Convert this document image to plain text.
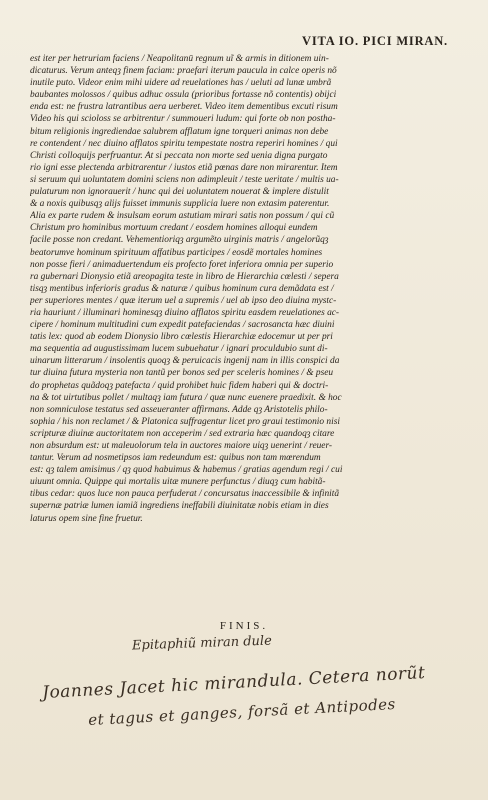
VITA IO. PICI MIRAN.
est iter per hetruriam faciens / Neapolitanū regnum uĩ & armis in ditionem uin-
dicaturus. Verum anteqȝ finem faciam: praefari iterum paucula in calce operis nõ
inutile puto. Videor enim mihi uidere ad reuelationes has / ueluti ad lunæ umbrã
baubantes molossos / quibus adhuc ossula (prioribus fortasse nõ contentis) obijci
enda est: ne frustra latrantibus aera uerberet. Video item dementibus excuti risum
Video his qui scioloss se arbitrentur / summoueri ludum: qui forte ob non postha-
bitum religionis ingrediendae salubrem afflatum igne torqueri animas non debe
re contendent / nec diuino afflatos spiritu tempestate nostra reperiri homines / qui
Christi colloquijs perfruantur. At si peccata non morte sed uenia digna purgato
rio igni esse plectenda arbitrarentur / iustos etiã pœnas dare non mirarentur. Item
si seruum qui uoluntatem domini sciens non adimpleuit / teste ueritate / multis ua-
pulaturum non ignorauerit / hunc qui dei uoluntatem nouerat & implere distulit
& a noxis quibusqȝ alijs fuisset immunis supplicia luere non extasim paterentur.
Alia ex parte rudem & insulsam eorum astutiam mirari satis non possum / qui cũ
Christum pro hominibus mortuum credant / eosdem homines alloqui eundem
facile posse non credant. Vehementioriqȝ argumẽto uirginis matris / angelorũqȝ
beatorumve hominum spirituum affatibus participes / eosdẽ mortales homines
non posse fieri / animaduertendum eis profecto foret inferiora omnia per superio
ra gubernari Dionysio etiã areopagita teste in libro de Hierarchia cœlesti / sepera
tisqȝ mentibus inferioris gradus & naturæ / quibus hominum cura demãdata est /
per superiores mentes / quæ iterum uel a supremis / uel ab ipso deo diuina mystc-
ria hauriunt / illuminari hominesqȝ diuino afflatos spiritu easdem reuelationes ac-
cipere / hominum multitudini cum expedit patefaciendas / sacrosancta hæc diuini
tatis lex: quod ab eodem Dionysio libro cœlestis Hierarchiæ edocemur ut per pri
ma sequentia ad augustissimam lucem subuehatur / ignari proculdubio sunt di-
uinarum litterarum / insolentis quoqȝ & peruicacis ingenij nam in illis conspici da
tur diuina futura mysteria non tantũ per bonos sed per sceleris homines / & pseu
do prophetas quãdoqȝ patefacta / quid prohibet huic fidem haberi qui & doctri-
na & tot uirtutibus pollet / multaqȝ iam futura / quæ nunc euenere praedixit. & hoc
non somniculose testatus sed asseueranter affirmans. Adde qȝ Aristotelis philo-
sophia / his non reclamet / & Platonica suffragentur licet pro graui testimonio nisi
scripturæ diuinæ auctoritatem non acceperim / sed extraria hæc quandoqȝ citare
non absurdum est: ut maleuolorum tela in auctores maiore uiqȝ uenerint / reuer-
tantur. Verum ad nosmetipsos iam redeundum est: quibus non tam mœrendum
est: qȝ talem amisimus / qȝ quod habuimus & habemus / gratias agendum regi / cui
uiuunt omnia. Quippe qui mortalis uitæ munere perfunctus / diuqȝ cum habitã-
tibus cedar: quos luce non pauca perfuderat / concursatus inaccessibile & infinitã
supernæ patriæ lumen iamiã ingrediens ineffabili diuinitatæ nobis etiam in dies
laturus opem sine fine fruetur.
FINIS.
Epitaphiũ miran dule
Joannes Jacet hic mirandula. Cetera norũt
et tagus et ganges, forsã et Antipodes
